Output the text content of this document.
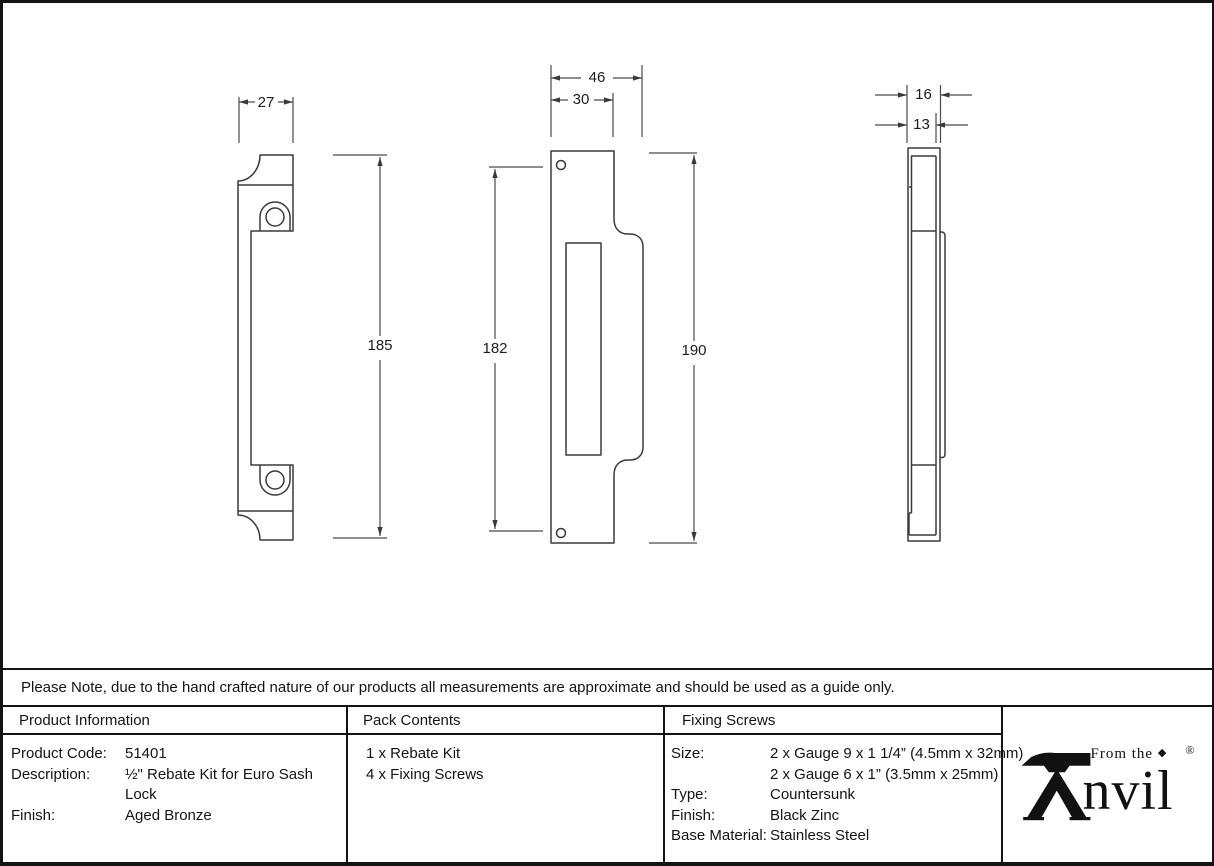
27
185
46
30
182	190
16
13
Please Note, due to the hand crafted nature of our products all measurements are approximate and should be used as a guide only.
Product Information
Product Code:	51401
Description:	½" Rebate Kit for Euro Sash Lock
Finish:	Aged Bronze
Pack Contents
1 x Rebate Kit
4 x Fixing Screws
Fixing Screws
Size:	2 x Gauge 9 x 1 1/4” (4.5mm x 32mm)
2 x Gauge 6 x 1” (3.5mm x 25mm)
Type:	Countersunk
Finish:	Black Zinc
Base Material: Stainless Steel
From the ◆
nvil
®
